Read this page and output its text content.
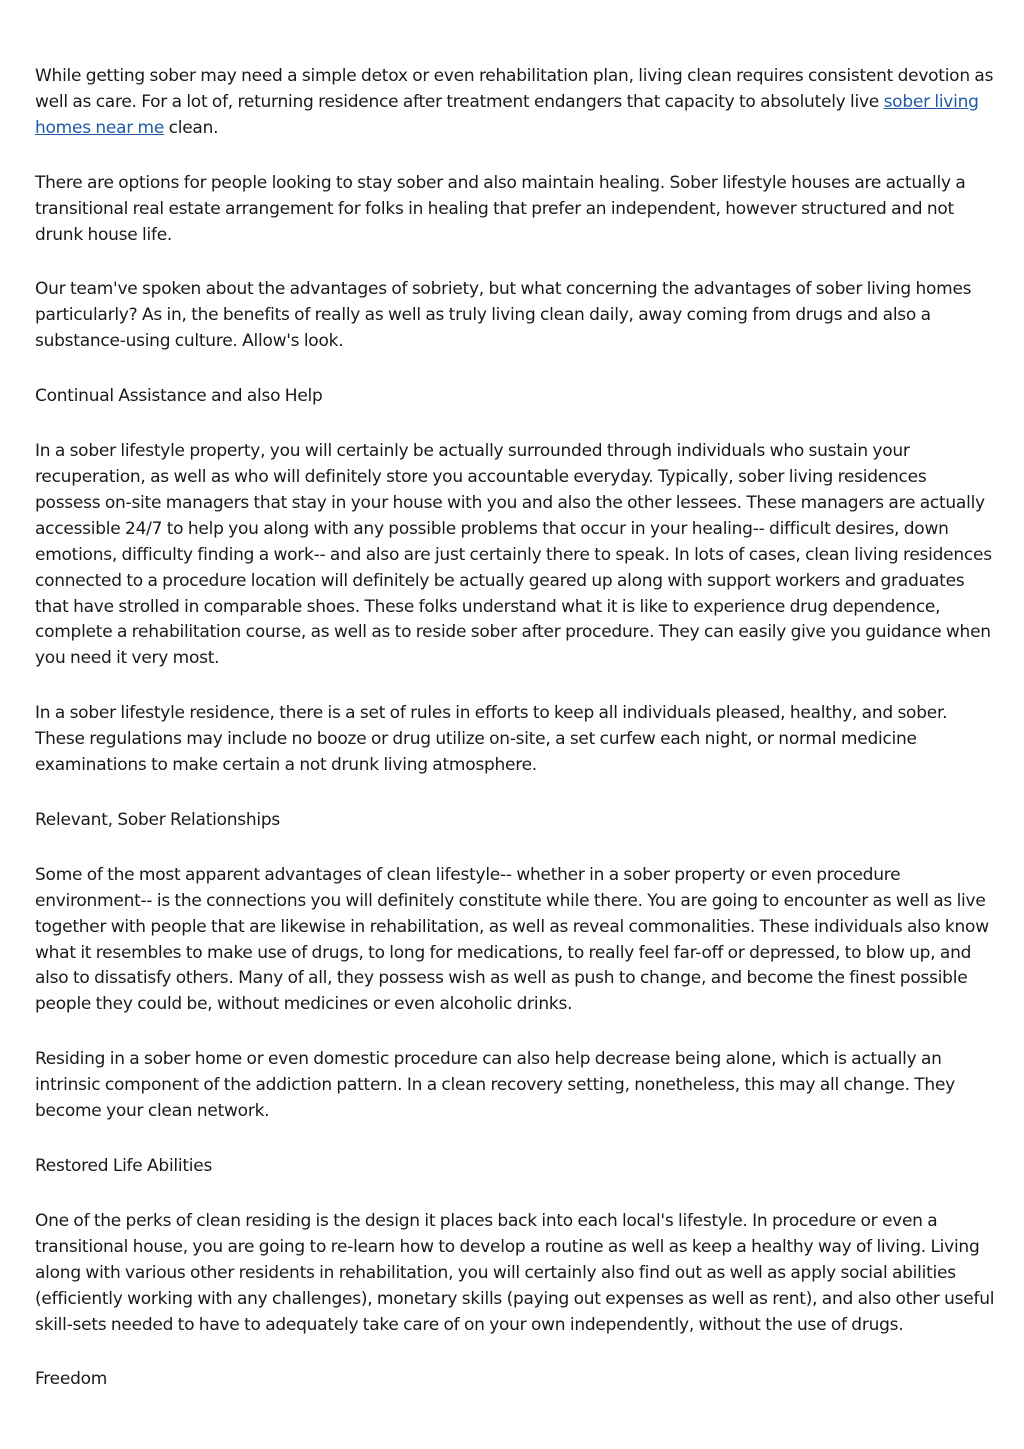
While getting sober may need a simple detox or even rehabilitation plan, living clean requires consistent devotion as well as care. For a lot of, returning residence after treatment endangers that capacity to absolutely live sober living homes near me clean.

There are options for people looking to stay sober and also maintain healing. Sober lifestyle houses are actually a transitional real estate arrangement for folks in healing that prefer an independent, however structured and not drunk house life.

Our team've spoken about the advantages of sobriety, but what concerning the advantages of sober living homes particularly? As in, the benefits of really as well as truly living clean daily, away coming from drugs and also a substance-using culture. Allow's look.

Continual Assistance and also Help

In a sober lifestyle property, you will certainly be actually surrounded through individuals who sustain your recuperation, as well as who will definitely store you accountable everyday. Typically, sober living residences possess on-site managers that stay in your house with you and also the other lessees. These managers are actually accessible 24/7 to help you along with any possible problems that occur in your healing-- difficult desires, down emotions, difficulty finding a work-- and also are just certainly there to speak. In lots of cases, clean living residences connected to a procedure location will definitely be actually geared up along with support workers and graduates that have strolled in comparable shoes. These folks understand what it is like to experience drug dependence, complete a rehabilitation course, as well as to reside sober after procedure. They can easily give you guidance when you need it very most.

In a sober lifestyle residence, there is a set of rules in efforts to keep all individuals pleased, healthy, and sober. These regulations may include no booze or drug utilize on-site, a set curfew each night, or normal medicine examinations to make certain a not drunk living atmosphere.

Relevant, Sober Relationships

Some of the most apparent advantages of clean lifestyle-- whether in a sober property or even procedure environment-- is the connections you will definitely constitute while there. You are going to encounter as well as live together with people that are likewise in rehabilitation, as well as reveal commonalities. These individuals also know what it resembles to make use of drugs, to long for medications, to really feel far-off or depressed, to blow up, and also to dissatisfy others. Many of all, they possess wish as well as push to change, and become the finest possible people they could be, without medicines or even alcoholic drinks.

Residing in a sober home or even domestic procedure can also help decrease being alone, which is actually an intrinsic component of the addiction pattern. In a clean recovery setting, nonetheless, this may all change. They become your clean network.

Restored Life Abilities

One of the perks of clean residing is the design it places back into each local's lifestyle. In procedure or even a transitional house, you are going to re-learn how to develop a routine as well as keep a healthy way of living. Living along with various other residents in rehabilitation, you will certainly also find out as well as apply social abilities (efficiently working with any challenges), monetary skills (paying out expenses as well as rent), and also other useful skill-sets needed to have to adequately take care of on your own independently, without the use of drugs.

Freedom
